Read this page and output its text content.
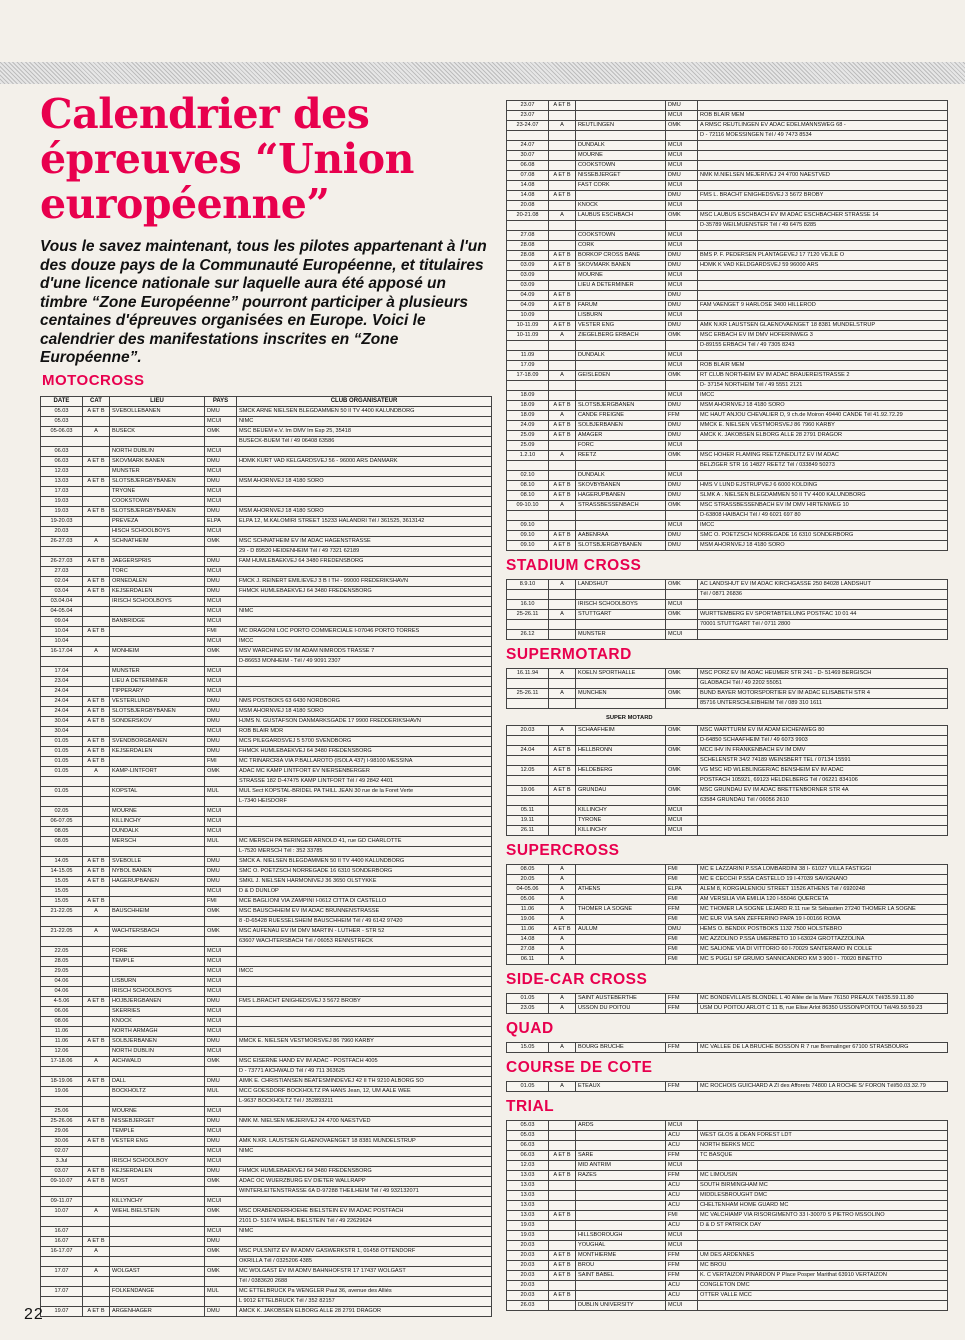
Calendrier des épreuves “Union européenne”

Vous le savez maintenant, tous les pilotes appartenant à l'un des douze pays de la Communauté Européenne, et titulaires d'une licence nationale sur laquelle aura été apposé un timbre “Zone Européenne” pourront participer à plusieurs centaines d'épreuves organisées en Europe. Voici le calendrier des manifestations inscrites en “Zone Européenne”.

MOTOCROSS
DATE	CAT	LIEU	PAYS	CLUB ORGANISATEUR
05.03	A ET B	SVEBOLLEBANEN	DMU	SMCK ARNE NIELSEN BLEGDAMMEN 50 II TV 4400 KALUNDBORG
05.03			MCUI	NIMC
05-06.03	A	BUSECK	OMK	MSC BEUEM e.V. Im DMV Im Esp 25, 35418
				BUSECK-BUEM Tél / 49 06408 63586
06.03		NORTH DUBLIN	MCUI	
06.03	A ET B	SKOVMARK BANEN	DMU	HDMK KURT VAD KELGARDSVEJ 56 - 96000 ARS DANMARK
12.03		MUNSTER	MCUI	
13.03	A ET B	SLOTSBJERGBYBANEN	DMU	MSM AHORNVEJ 18 4180 SORO
17.03		TRYONE	MCUI	
19.03		COOKSTOWN	MCUI	
19.03	A ET B	SLOTSBJERGBYBANEN	DMU	MSM AHORNVEJ 18 4180 SORO
19-20.03		PREVEZA	ELPA	ELPA 12, M.KALOMIRI STREET 15233 HALANDRI Tél / 361525, 3613142
20.03		HISCH SCHOOLBOYS	MCUI	
26-27.03	A	SCHNATHEIM	OMK	MSC SCHNATHEIM EV IM ADAC HAGENSTRASSE
				29 - D 89520 HEIDENHEIM Tél / 49 7321 62189
26-27.03	A ET B	JAEGERSPRIS	DMU	FAM HUMLEBAEKVEJ 64 3480 FREDENSBORG
27.03		TORC	MCUI	
02.04	A ET B	ORNEDALEN	DMU	FMCK J. REINERT EMILIEVEJ 3 B I TH - 99000 FREDERIKSHAVN
03.04	A ET B	KEJSERDALEN	DMU	FHMCK HUMLEBAEKVEJ 64 3480 FREDENSBORG
03.04.04		IRISCH SCHOOLBOYS	MCUI	
04-05.04			MCUI	NIMC
09.04		BANBRIDGE	MCUI	
10.04	A ET B		FMI	MC DRAGONI LOC PORTO COMMERCIALE I-07046 PORTO TORRES
10.04			MCUI	IMCC
16-17.04	A	MONHEIM	OMK	MSV WARCHING EV IM ADAM NIMRODS TRASSE 7
				D-86653 MONHEIM - Tél / 49 9091 2307
17.04		MUNSTER	MCUI	
23.04		LIEU A DETERMINER	MCUI	
24.04		TIPPERARY	MCUI	
24.04	A ET B	VESTERLUND	DMU	NMS POSTBOKS 63 6430 NORDBORG
24.04	A ET B	SLOTSBJERGBYBANEN	DMU	MSM AHORNVEJ 18 4180 SORO
30.04	A ET B	SONDERSKOV	DMU	HJMS N. GUSTAFSON DANMARKSGADE 17 9900 FREDDERIKSHAVN
30.04			MCUI	ROB BLAIR MDR
01.05	A ET B	SVENDBORGBANEN	DMU	MCS PILEGARDSVEJ 5 5700 SVENDBORG
01.05	A ET B	KEJSERDALEN	DMU	FHMCK HUMLEBAEKVEJ 64 3480 FREDENSBORG
01.05	A ET B		FMI	MC TRINARCRIA VIA P.BALLAROTO (ISOLA 437) I-98100 MESSINA
01.05	A	KAMP-LINTFORT	OMK	ADAC MC KAMP LINTFORT EV NIERSENBERGER
				STRASSE 182 D-47475 KAMP LINTFORT Tél / 49 2842 4401
01.05		KOPSTAL	MUL	MUL Sect KOPSTAL-BRIDEL PA THILL JEAN 30 rue de la Foret Verte
				L-7340 HEISDORF
02.05		MOURNE	MCUI	
06-07.05		KILLINCHY	MCUI	
08.05		DUNDALK	MCUI	
08.05		MERSCH	MUL	MC MERSCH PA BERINGER ARNOLD 41, rue GD CHARLOTTE
				L-7520 MERSCH Tél : 352 33785
14.05	A ET B	SVEBOLLE	DMU	SMCK A. NIELSEN BLEGDAMMEN 50 II TV 4400 KALUNDBORG
14-15.05	A ET B	NYBOL BANEN	DMU	SMC O. POETZSCH NORREGADE 16 6310 SONDERBORG
15.05	A ET B	HAGERUPBANEN	DMU	SMKL J. NIELSEN HARMONIVEJ 36 3650 OLSTYKKE
15.05			MCUI	D & D DUNLOP
15.05	A ET B		FMI	MCE BAGLIONI VIA ZAMPINI I-0612 CITTA DI CASTELLO
21-22.05	A	BAUSCHHEIM	OMK	MSC BAUSCHHEIM EV IM ADAC BRUNNENSTRASSE
				8 -D-65428 RUESSELSHEIM BAUSCHHEIM Tél / 49 6142 97420
21-22.05	A	WACHTERSBACH	OMK	MSC AUFENAU EV IM DMV MARTIN - LUTHER - STR 52
				63607 WACHTERSBACH Tél / 06053 RENNSTRECK
22.05		FORE	MCUI	
28.05		TEMPLE	MCUI	
29.05			MCUI	IMCC
04.06		LISBURN	MCUI	
04.06		IRISCH SCHOOLBOYS	MCUI	
4-5.06	A ET B	HOJBJERGBANEN	DMU	FMS L.BRACHT ENIGHEDSVEJ 3 5672 BROBY
06.06		SKERRIES	MCUI	
08.06		KNOCK	MCUI	
11.06		NORTH ARMAGH	MCUI	
11.06	A ET B	SOLBJERBANEN	DMU	MMCK E. NIELSEN VESTMORSVEJ 86 7960 KARBY
12.06		NORTH DUBLIN	MCUI	
17-18.06	A	AICHWALD	OMK	MSC EISERNE HAND EV IM ADAC - POSTFACH 4005
				D - 73771 AICHWALD Tél / 49 711 363625
18-19.06	A ET B	DALL	DMU	AIMK E. CHRISTIANSEN BEATESMINDEVEJ 42 II TH 9210 ALBORG SO
19.06		BOCKHOLTZ	MUL	MCC GOESDORF BOCKHOLTZ PA HANS Jean, 12, UM AALE WEE
				L-9637 BOCKHOLTZ Tél / 352893211
25.06		MOURNE	MCUI	
25-26.06	A ET B	NISSEBJERGET	DMU	NMK M. NIELSEN MEJERIVEJ 24 4700 NAESTVED
29.06		TEMPLE	MCUI	
30.06	A ET B	VESTER ENG	DMU	AMK N.KR. LAUSTSEN GLAENOVAENGET 18 8381 MUNDELSTRUP
02.07			MCUI	NIMC
3.Jul		IRISCH SCHOOLBOY	MCUI	
03.07	A ET B	KEJSERDALEN	DMU	FHMCK HUMLEBAEKVEJ 64 3480 FREDENSBORG
09-10.07	A ET B	MOST	OMK	ADAC OC WUERZBURG EV DIETER WALLRAPP
				WINTERLEITENSTRASSE 6A D-97288 THEILHEIM Tél / 49 932132071
09-11.07		KILLYNCHY	MCUI	
10.07	A	WIEHL BIELSTEIN	OMK	MSC DRABENDERHOEHE BIELSTEIN EV IM ADAC POSTFACH
				2101 D- 51674 WIEHL BIELSTEIN Tél / 49 22629624
16.07			MCUI	NIMC
16.07	A ET B		DMU	
16-17.07	A		OMK	MSC PULSNITZ EV IM ADMV GASWERKSTR 1, 01458 OTTENDORF
				OKRILLA Tél / 0325206 4385
17.07	A	WOLGAST	OMK	MC WOLGAST EV IM ADMV BAHNHOFSTR 17 17437 WOLGAST
				Tél / 0383620 2688
17.07		FOLKENDANGE	MUL	MC ETTELBRUCK Pa WENGLER Paul 36, avenue des Alliés
				L 9012 ETTELBRUCK Tél / 352 82157
19.07	A ET B	ARGENHAGER	DMU	AMCK K. JAKOBSEN ELBORG ALLE 28 2791 DRAGOR
23.07	A ET B		DMU	
23.07			MCUI	ROB BLAIR MEM
23-24.07	A	REUTLINGEN	OMK	A RMSC REUTLINGEN EV ADAC EDELMANNSWEG 68 -
				D - 72116 MOESSINGEN Tél / 49 7473 8534
24.07		DUNDALK	MCUI	
30.07		MOURNE	MCUI	
06.08		COOKSTOWN	MCUI	
07.08	A ET B	NISSEBJERGET	DMU	NMK M.NIELSEN MEJERIVEJ 24 4700 NAESTVED
14.08		FAST CORK	MCUI	
14.08	A ET B		DMU	FMS L. BRACHT ENIGHEDSVEJ 3 5672 BROBY
20.08		KNOCK	MCUI	
20-21.08	A	LAUBUS ESCHBACH	OMK	MSC LAUBUS ESCHBACH EV IM ADAC ESCHBACHER STRASSE 14
				D-35789 WEILMUENSTER Tél / 49 6475 8285
27.08		COOKSTOWN	MCUI	
28.08		CORK	MCUI	
28.08	A ET B	BORKOP CROSS BANE	DMU	BMS P. F. PEDERSEN PLANTAGEVEJ 17 7120 VEJLE O
03.09	A ET B	SKOVMARK BANEN	DMU	HDMK K VAD KELDGARDSVEJ 59 96000 ARS
03.09		MOURNE	MCUI	
03.09		LIEU A DETERMINER	MCUI	
04.09	A ET B		DMU	
04.09	A ET B	FARUM	DMU	FAM VAENGET 9 HARLOSE 3400 HILLEROD
10.09		LISBURN	MCUI	
10-11.09	A ET B	VESTER ENG	DMU	AMK N.KR LAUSTSEN GLAENOVAENGET 18 8381 MUNDELSTRUP
10-11.09	A	ZIEGELBERG ERBACH	OMK	MSC ERBACH EV IM DMV HOFERINWEG 3
				D-89155 ERBACH Tél / 49 7305 8243
11.09		DUNDALK	MCUI	
17.09			MCUI	ROB BLAIR MEM
17-18.09	A	GEISLEDEN	OMK	RT CLUB NORTHEIM EV IM ADAC BRAUEREISTRASSE 2
				D- 37154 NORTHEIM Tél / 49 5551 2121
18.09			MCUI	IMCC
18.09	A ET B	SLOTSBJERGBANEN	DMU	MSM AHORNVEJ 18 4180 SORO
18.09	A	CANDE FREIGNE	FFM	MC HAUT ANJOU CHEVALIER D, 9 ch.de Moiron 49440 CANDE Tél 41.92.72.29
24.09	A ET B	SOLBJERBANEN	DMU	MMCK E. NIELSEN VESTMORSVEJ 86 7960 KARBY
25.09	A ET B	AMAGER	DMU	AMCK K. JAKOBSEN ELBORG ALLE 28 2791 DRAGOR
25.09		FORC	MCUI	
1.2.10	A	REETZ	OMK	MSC HOHER FLAMING REETZ/NEDLITZ EV IM ADAC
				BELZIGER STR 16 14827 REETZ Tél / 033849 50273
02.10		DUNDALK	MCUI	
08.10	A ET B	SKOVBYBANEN	DMU	HMS V LUND EJSTRUPVEJ 6 6000 KOLDING
08.10	A ET B	HAGERUPBANEN	DMU	SLMK A . NIELSEN BLEGDAMMEN 50 II TV 4400 KALUNDBORG
09-10.10	A	STRASSBESSENBACH	OMK	MSC STRASSBESSENBACH EV IM DMV HIRTENWEG 10
				D-63808 HAIBACH Tél / 49 6021 697 80
09.10			MCUI	IMCC
09.10	A ET B	AABENRAA	DMU	SMC O. POETZSCH NORREGADE 16 6310 SONDERBORG
09.10	A ET B	SLOTSBJERGBYBANEN	DMU	MSM AHORNVEJ 18 4180 SORO
STADIUM CROSS
8.9.10	A	LANDSHUT	OMK	AC LANDSHUT EV IM ADAC KIRCHGASSE 250 84028 LANDSHUT
				Tél / 0871 26836
16.10		IRISCH SCHOOLBOYS	MCUI	
25-26.11	A	STUTTGART	OMK	WURTTEMBERG EV SPORTABTEILUNG POSTFAC 10 01 44
				70001 STUTTGART Tél / 0711 2800
26.12		MUNSTER	MCUI	
SUPERMOTARD
16.11.94	A	KOELN SPORTHALLE	OMK	MSC PORZ EV IM ADAC HEUMER STR 241 - D- 51469 BERGISCH
				GLADBACH Tél / 49 2202 55051
25-26.11	A	MUNCHEN	OMK	BUND BAYER MOTORSPORTIER EV IM ADAC ELISABETH STR 4
				85716 UNTERSCHLEIBHEIM Tél / 089 310 1611
SUPER MOTARD
20.03	A	SCHAAFHEIM	OMK	MSC WARTTURM EV IM ADAM EICHENWEG 80
				D-64850 SCHAAFHEIM Tél / 49 6073 9903
24.04	A ET B	HELLBRONN	OMK	MCC IHV IN FRANKENBACH EV IM DMV
				SCHELENSTR 34/2 74189 WEINSBERT TEL / 07134 15591
12.05	A ET B	HELDEBERG	OMK	VG MSC HD WLEBLINGER/AC BENSHEIM EV IM ADAC
				POSTFACH 105921, 69123 HELDELBERG Tél / 06221 834106
19.06	A ET B	GRUNDAU	OMK	MSC GRUNDAU EV IM ADAC BRETTENBORNER STR 4A
				63584 GRUNDAU Tél / 06056 2610
05.11		KILLINCHY	MCUI	
19.11		TYRONE	MCUI	
26.11		KILLINCHY	MCUI	
SUPERCROSS
08.05	A		FMI	MC E LAZZARINI P.SSA LOMBARDINI 38 I- 61027 VILLA FASTIGGI
20.05	A		FMI	MC E CECCHI P.SSA CASTELLO 19 I-47039 SAVIGNANO
04-05.06	A	ATHENS	ELPA	ALEM 8, KORGIALENIOU STREET 11526 ATHENS Tél / 6920248
05.06	A		FMI	AM VERSILIA VIA EMILIA 120 I-55046 QUERCETA
11.06	A	THOMER LA SOGNE	FFM	MC THOMER LA SOGNE LEJARD R.11 rue St Sébastien 27240 THOMER LA SOGNE
19.06	A		FMI	MC EUR VIA SAN ZEFFERINO PAPA 19 I-00166 ROMA
11.06	A ET B	AULUM	DMU	HEMS O. BENDIX POSTBOKS 1132 7500 HOLSTEBRO
14.08	A		FMI	MC AZZOLINO P.SSA UMERBETO 10 I-63024 GROTTAZZOLINA
27.08	A		FMI	MC SALIONE VIA DI VITTORIO 60 I-70029 SANTERAMO IN COLLE
06.11	A		FMI	MC S PUGLI SP GRUMO SANNICANDRO KM 3 900 I - 70020 BINETTO
SIDE-CAR CROSS
01.05	A	SAINT AUSTEBERTHE	FFM	MC BONDEVILLAIS BLONDEL L 40 Allée de la Mare 76150 PREAUX Tél/35.59.11.80
23.05	A	USSON DU POITOU	FFM	USM DU POITOU ARLOT C 11 B, rue Elise Arlot 86350 USSON/POITOU Tél/49.59.59.23
QUAD
15.05	A	BOURG BRUCHE	FFM	MC VALLEE DE LA BRUCHE BOSSON R 7 rue Bremalinger 67100 STRASBOURG
COURSE DE COTE
01.05	A	ETEAUX	FFM	MC ROCHOIS GUICHARD A ZI des Afforets 74800 LA ROCHE S/ FORON Tél/50.03.32.79
TRIAL
05.03		ARDS	MCUI	
05.03			ACU	WEST GLOS & DEAN FOREST LDT
06.03			ACU	NORTH BERKS MCC
06.03	A ET B	SARE	FFM	TC BASQUE
12.03		MID ANTRIM	MCUI	
13.03	A ET B	RAZES	FFM	MC LIMOUSIN
13.03			ACU	SOUTH BIRMINGHAM MC
13.03			ACU	MIDDLESBROUGHT DMC
13.03			ACU	CHELTENHAM HOME GUARD MC
13.03	A ET B		FMI	MC VALCHIAMP VIA RISORGIMENTO 33 I-30070 S PIETRO MSSOLINO
19.03			ACU	D & D ST PATRICK DAY
19.03		HILLSBOROUGH	MCUI	
20.03		YOUGHAL	MCUI	
20.03	A ET B	MONTHIERME	FFM	UM DES ARDENNES
20.03	A ET B	BROU	FFM	MC BROU
20.03	A ET B	SAINT BABEL	FFM	K. C VERTAIZON PINARDON P Place Posper Marithat 63910 VERTAIZON
20.03			ACU	CONGLETON DMC
20.03	A ET B		ACU	OTTER VALLE MCC
26.03		DUBLIN UNIVERSITY	MCUI	
22
